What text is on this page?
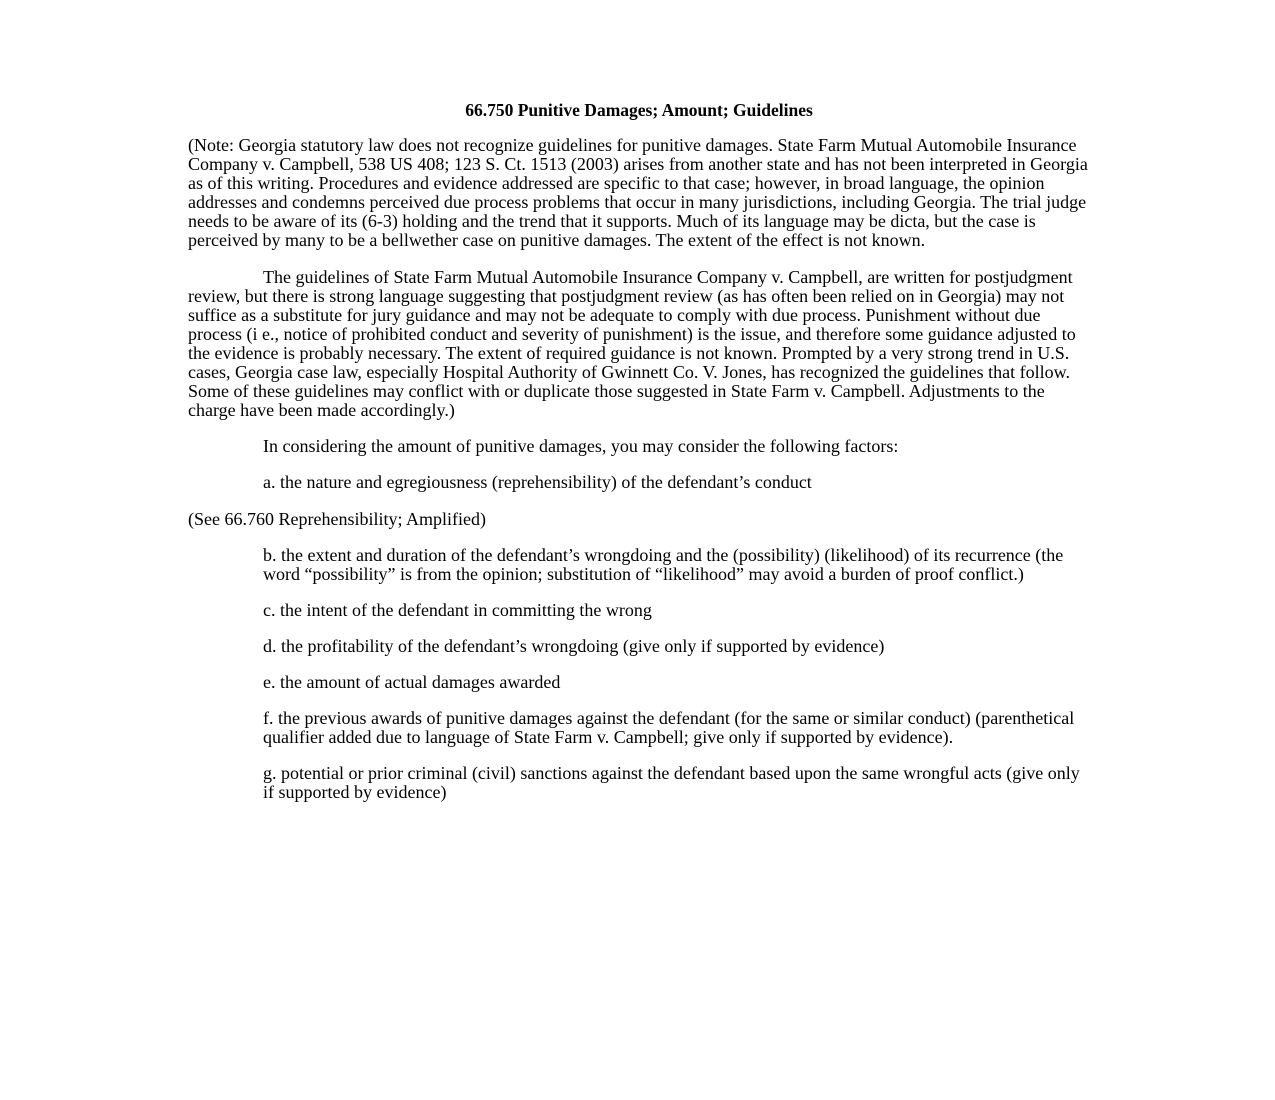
66.750 Punitive Damages; Amount; Guidelines

(Note: Georgia statutory law does not recognize guidelines for punitive damages. State Farm Mutual Automobile Insurance Company v. Campbell, 538 US 408; 123 S. Ct. 1513 (2003) arises from another state and has not been interpreted in Georgia as of this writing. Procedures and evidence addressed are specific to that case; however, in broad language, the opinion addresses and condemns perceived due process problems that occur in many jurisdictions, including Georgia. The trial judge needs to be aware of its (6-3) holding and the trend that it supports. Much of its language may be dicta, but the case is perceived by many to be a bellwether case on punitive damages. The extent of the effect is not known.

The guidelines of State Farm Mutual Automobile Insurance Company v. Campbell, are written for postjudgment review, but there is strong language suggesting that postjudgment review (as has often been relied on in Georgia) may not suffice as a substitute for jury guidance and may not be adequate to comply with due process. Punishment without due process (i e., notice of prohibited conduct and severity of punishment) is the issue, and therefore some guidance adjusted to the evidence is probably necessary. The extent of required guidance is not known. Prompted by a very strong trend in U.S. cases, Georgia case law, especially Hospital Authority of Gwinnett Co. V. Jones, has recognized the guidelines that follow. Some of these guidelines may conflict with or duplicate those suggested in State Farm v. Campbell. Adjustments to the charge have been made accordingly.)

In considering the amount of punitive damages, you may consider the following factors:

a. the nature and egregiousness (reprehensibility) of the defendant’s conduct

(See 66.760 Reprehensibility; Amplified)

b. the extent and duration of the defendant’s wrongdoing and the (possibility) (likelihood) of its recurrence (the word “possibility” is from the opinion; substitution of “likelihood” may avoid a burden of proof conflict.)

c. the intent of the defendant in committing the wrong

d. the profitability of the defendant’s wrongdoing (give only if supported by evidence)

e. the amount of actual damages awarded

f. the previous awards of punitive damages against the defendant (for the same or similar conduct) (parenthetical qualifier added due to language of State Farm v. Campbell; give only if supported by evidence).

g. potential or prior criminal (civil) sanctions against the defendant based upon the same wrongful acts (give only if supported by evidence)
